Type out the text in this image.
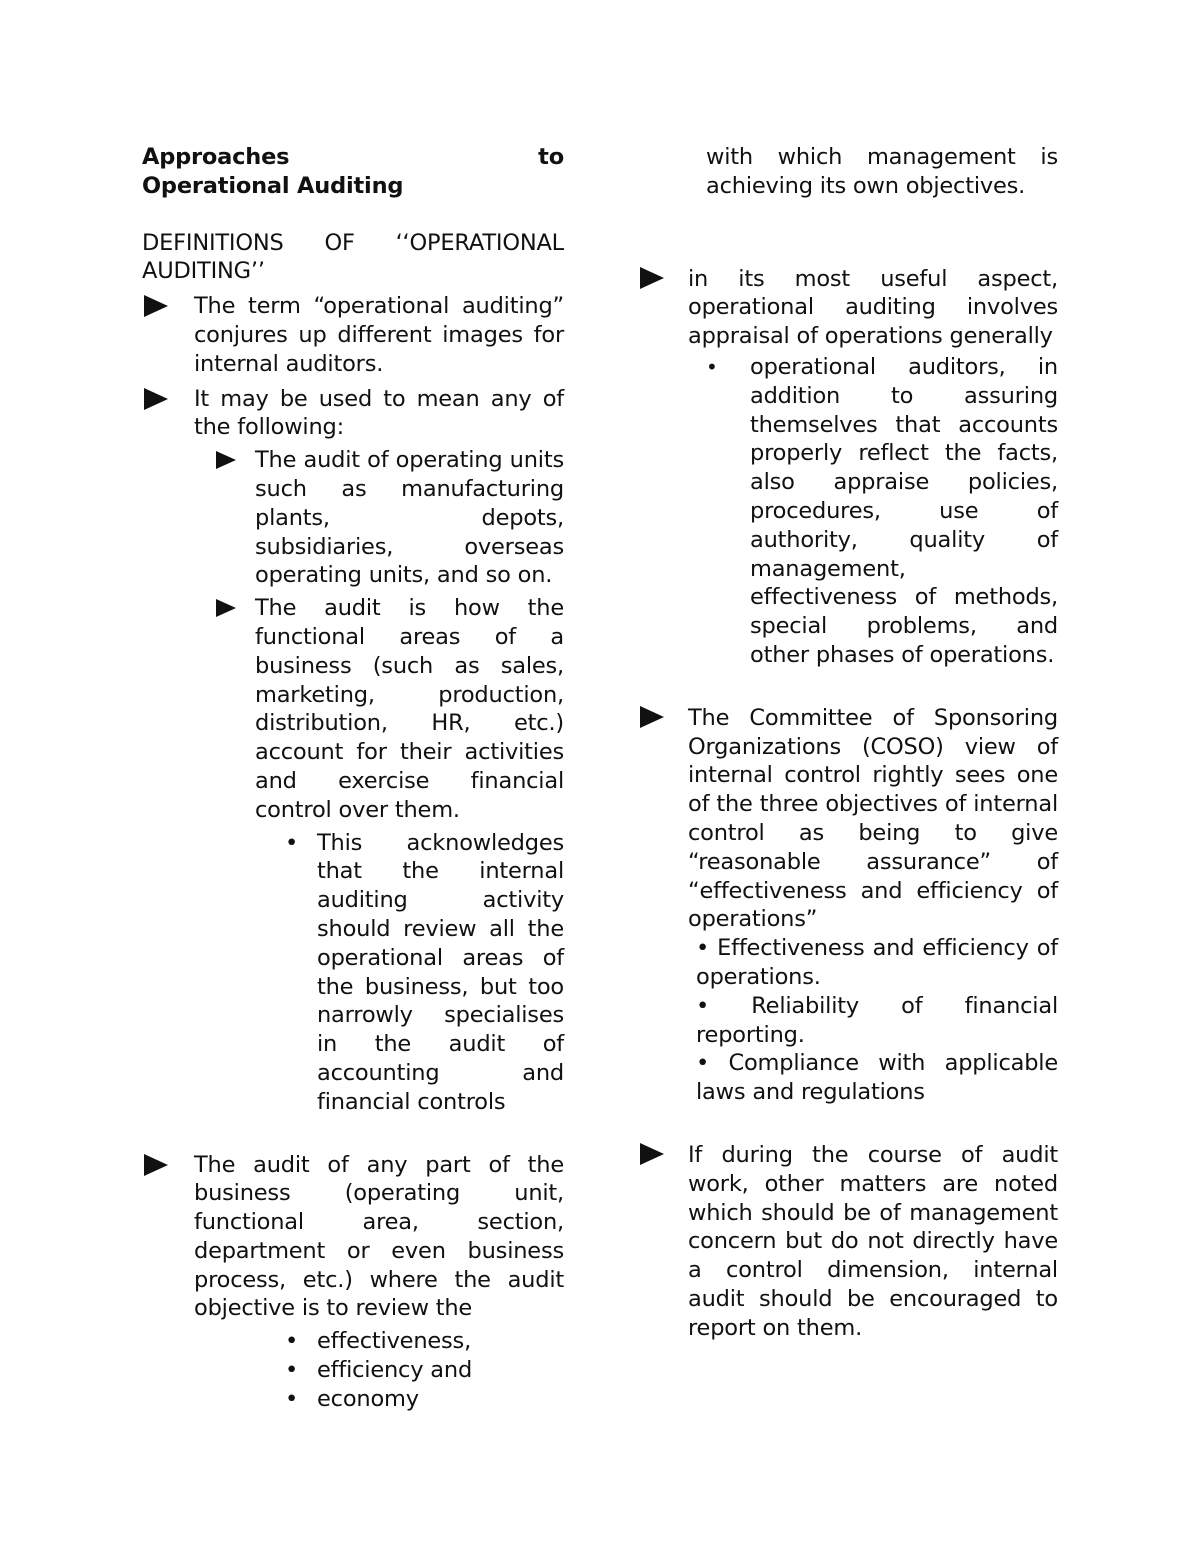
Approaches	to
Operational Auditing
DEFINITIONS OF ‘‘OPERATIONAL
AUDITING’’

The term “operational auditing” conjures up different images for internal auditors.

It may be used to mean any of the following:

The audit of operating units such as manufacturing plants, depots, subsidiaries, overseas operating units, and so on.

The audit is how the functional areas of a business (such as sales, marketing, production, distribution, HR, etc.) account for their activities and exercise financial control over them.

• This acknowledges that the internal auditing activity should review all the operational areas of the business, but too narrowly specialises in the audit of accounting and financial controls

The audit of any part of the business (operating unit, functional area, section, department or even business process, etc.) where the audit objective is to review the

• effectiveness,
• efficiency and
• economy

with which management is achieving its own objectives.

in its most useful aspect, operational auditing involves appraisal of operations generally

• operational auditors, in addition to assuring themselves that accounts properly reflect the facts, also appraise policies, procedures, use of authority, quality of management, effectiveness of methods, special problems, and other phases of operations.

The Committee of Sponsoring Organizations (COSO) view of internal control rightly sees one of the three objectives of internal control as being to give “reasonable assurance” of “effectiveness and efficiency of operations”

• Effectiveness and efficiency of operations.

• Reliability of financial reporting.

• Compliance with applicable laws and regulations

If during the course of audit work, other matters are noted which should be of management concern but do not directly have a control dimension, internal audit should be encouraged to report on them.
